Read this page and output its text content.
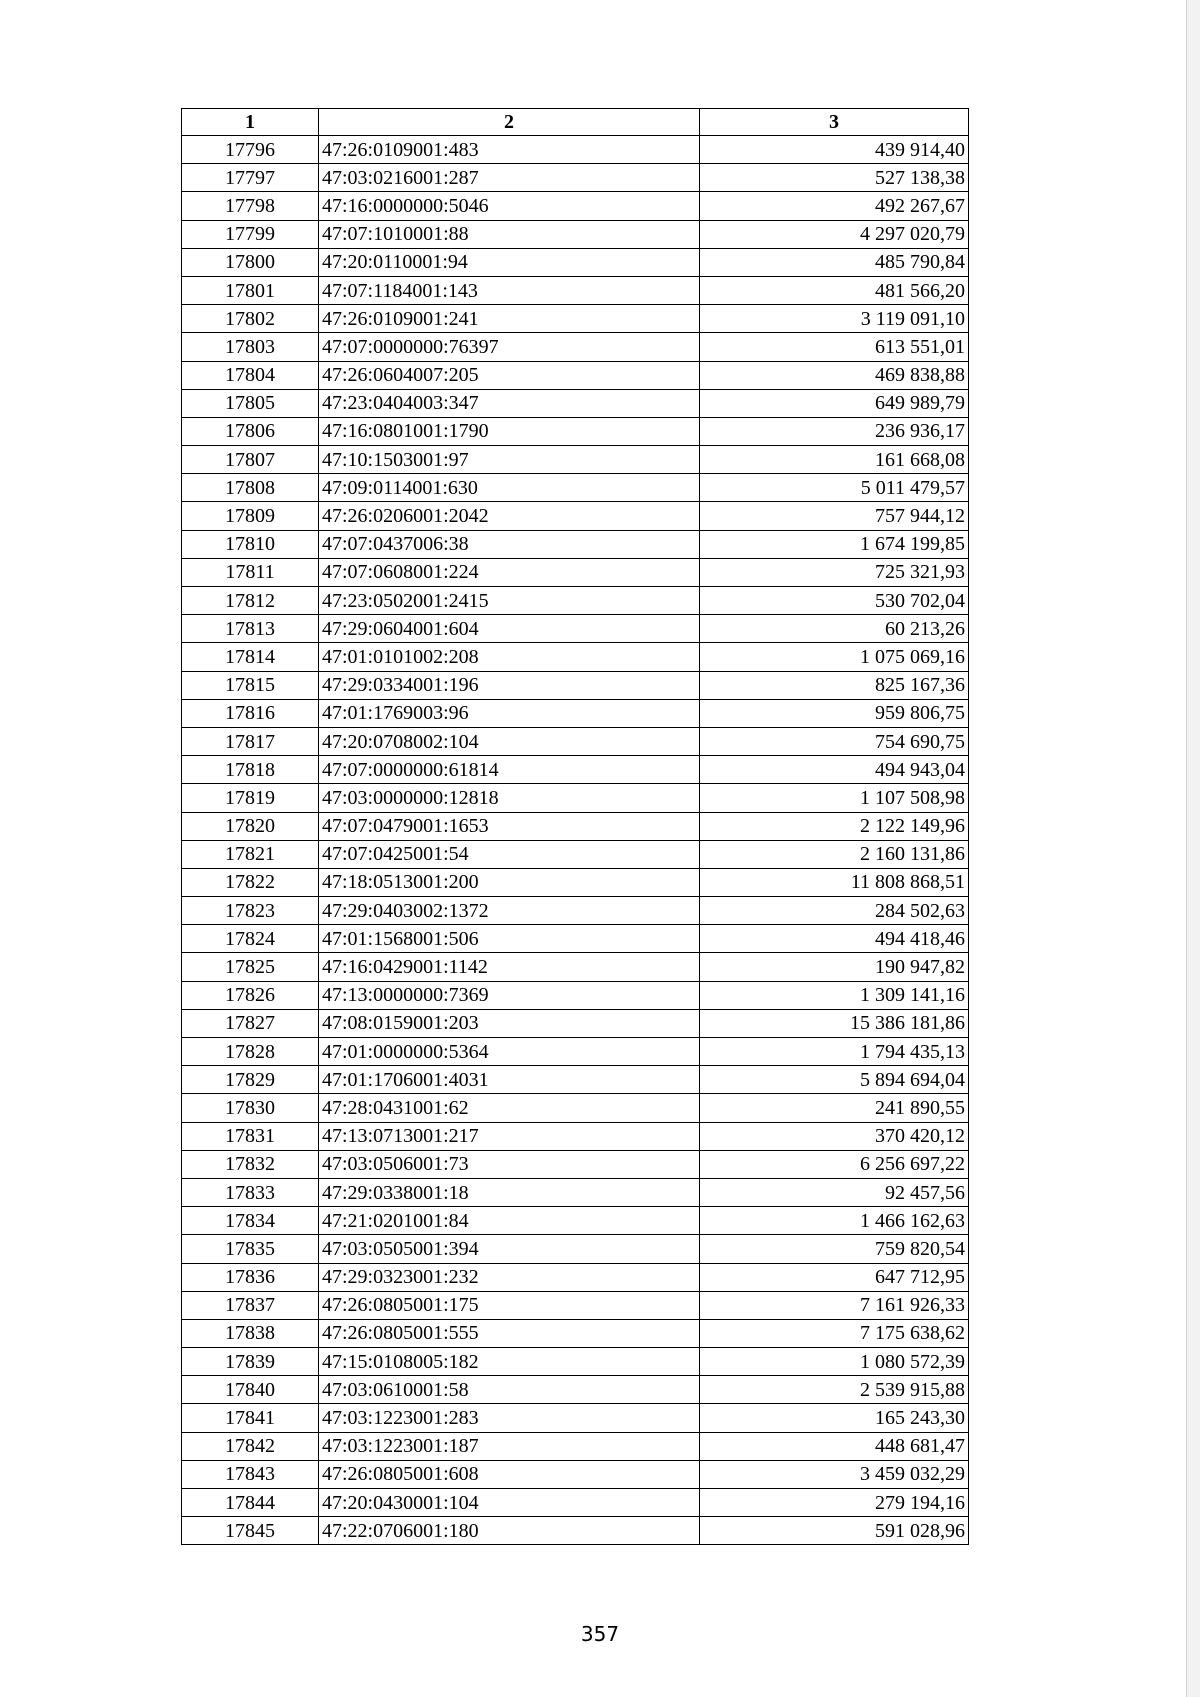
1	2	3
17796	47:26:0109001:483	439 914,40
17797	47:03:0216001:287	527 138,38
17798	47:16:0000000:5046	492 267,67
17799	47:07:1010001:88	4 297 020,79
17800	47:20:0110001:94	485 790,84
17801	47:07:1184001:143	481 566,20
17802	47:26:0109001:241	3 119 091,10
17803	47:07:0000000:76397	613 551,01
17804	47:26:0604007:205	469 838,88
17805	47:23:0404003:347	649 989,79
17806	47:16:0801001:1790	236 936,17
17807	47:10:1503001:97	161 668,08
17808	47:09:0114001:630	5 011 479,57
17809	47:26:0206001:2042	757 944,12
17810	47:07:0437006:38	1 674 199,85
17811	47:07:0608001:224	725 321,93
17812	47:23:0502001:2415	530 702,04
17813	47:29:0604001:604	60 213,26
17814	47:01:0101002:208	1 075 069,16
17815	47:29:0334001:196	825 167,36
17816	47:01:1769003:96	959 806,75
17817	47:20:0708002:104	754 690,75
17818	47:07:0000000:61814	494 943,04
17819	47:03:0000000:12818	1 107 508,98
17820	47:07:0479001:1653	2 122 149,96
17821	47:07:0425001:54	2 160 131,86
17822	47:18:0513001:200	11 808 868,51
17823	47:29:0403002:1372	284 502,63
17824	47:01:1568001:506	494 418,46
17825	47:16:0429001:1142	190 947,82
17826	47:13:0000000:7369	1 309 141,16
17827	47:08:0159001:203	15 386 181,86
17828	47:01:0000000:5364	1 794 435,13
17829	47:01:1706001:4031	5 894 694,04
17830	47:28:0431001:62	241 890,55
17831	47:13:0713001:217	370 420,12
17832	47:03:0506001:73	6 256 697,22
17833	47:29:0338001:18	92 457,56
17834	47:21:0201001:84	1 466 162,63
17835	47:03:0505001:394	759 820,54
17836	47:29:0323001:232	647 712,95
17837	47:26:0805001:175	7 161 926,33
17838	47:26:0805001:555	7 175 638,62
17839	47:15:0108005:182	1 080 572,39
17840	47:03:0610001:58	2 539 915,88
17841	47:03:1223001:283	165 243,30
17842	47:03:1223001:187	448 681,47
17843	47:26:0805001:608	3 459 032,29
17844	47:20:0430001:104	279 194,16
17845	47:22:0706001:180	591 028,96
357
